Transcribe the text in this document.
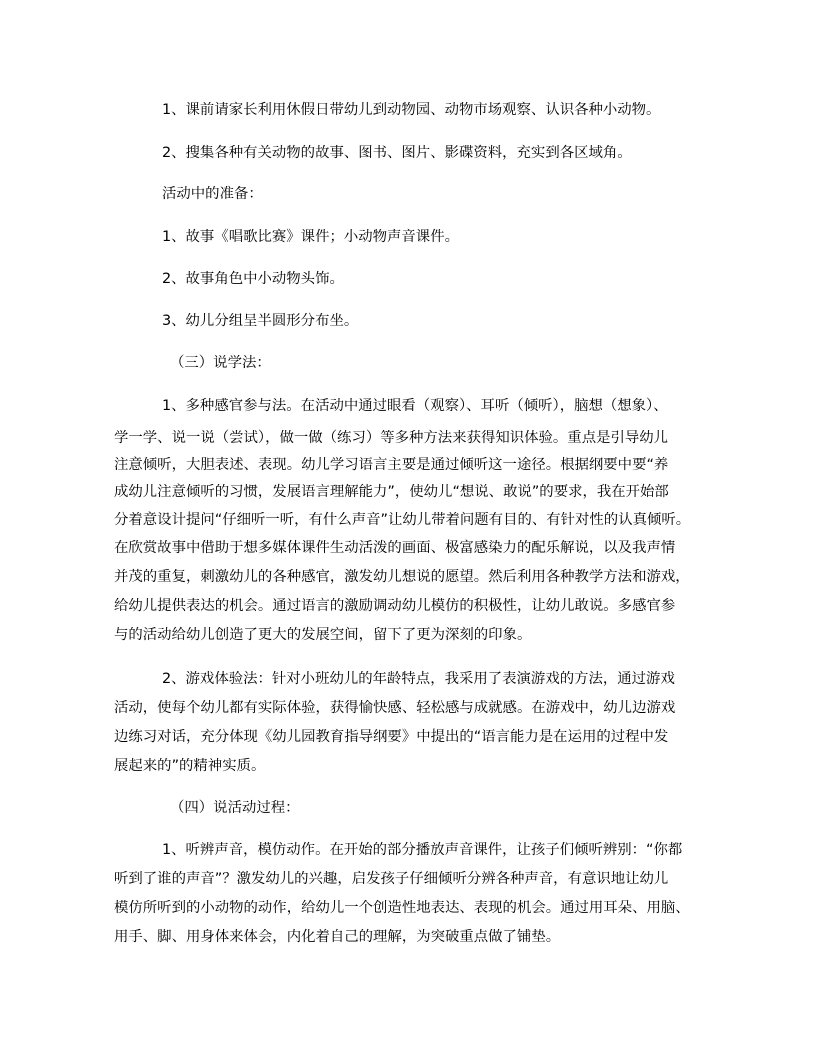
1、课前请家长利用休假日带幼儿到动物园、动物市场观察、认识各种小动物。
2、搜集各种有关动物的故事、图书、图片、影碟资料，充实到各区域角。
活动中的准备：
1、故事《唱歌比赛》课件；小动物声音课件。
2、故事角色中小动物头饰。
3、幼儿分组呈半圆形分布坐。
（三）说学法：
1、多种感官参与法。在活动中通过眼看（观察）、耳听（倾听），脑想（想象）、
学一学、说一说（尝试），做一做（练习）等多种方法来获得知识体验。重点是引导幼儿
注意倾听，大胆表述、表现。幼儿学习语言主要是通过倾听这一途径。根据纲要中要“养
成幼儿注意倾听的习惯，发展语言理解能力”，使幼儿“想说、敢说”的要求，我在开始部
分着意设计提问“仔细听一听，有什么声音”让幼儿带着问题有目的、有针对性的认真倾听。
在欣赏故事中借助于想多媒体课件生动活泼的画面、极富感染力的配乐解说，以及我声情
并茂的重复，刺激幼儿的各种感官，激发幼儿想说的愿望。然后利用各种教学方法和游戏，
给幼儿提供表达的机会。通过语言的激励调动幼儿模仿的积极性，让幼儿敢说。多感官参
与的活动给幼儿创造了更大的发展空间，留下了更为深刻的印象。
2、游戏体验法：针对小班幼儿的年龄特点，我采用了表演游戏的方法，通过游戏
活动，使每个幼儿都有实际体验，获得愉快感、轻松感与成就感。在游戏中，幼儿边游戏
边练习对话，充分体现《幼儿园教育指导纲要》中提出的“语言能力是在运用的过程中发
展起来的”的精神实质。
（四）说活动过程：
1、听辨声音，模仿动作。在开始的部分播放声音课件，让孩子们倾听辨别：“你都
听到了谁的声音”？激发幼儿的兴趣，启发孩子仔细倾听分辨各种声音，有意识地让幼儿
模仿所听到的小动物的动作，给幼儿一个创造性地表达、表现的机会。通过用耳朵、用脑、
用手、脚、用身体来体会，内化着自己的理解，为突破重点做了铺垫。
